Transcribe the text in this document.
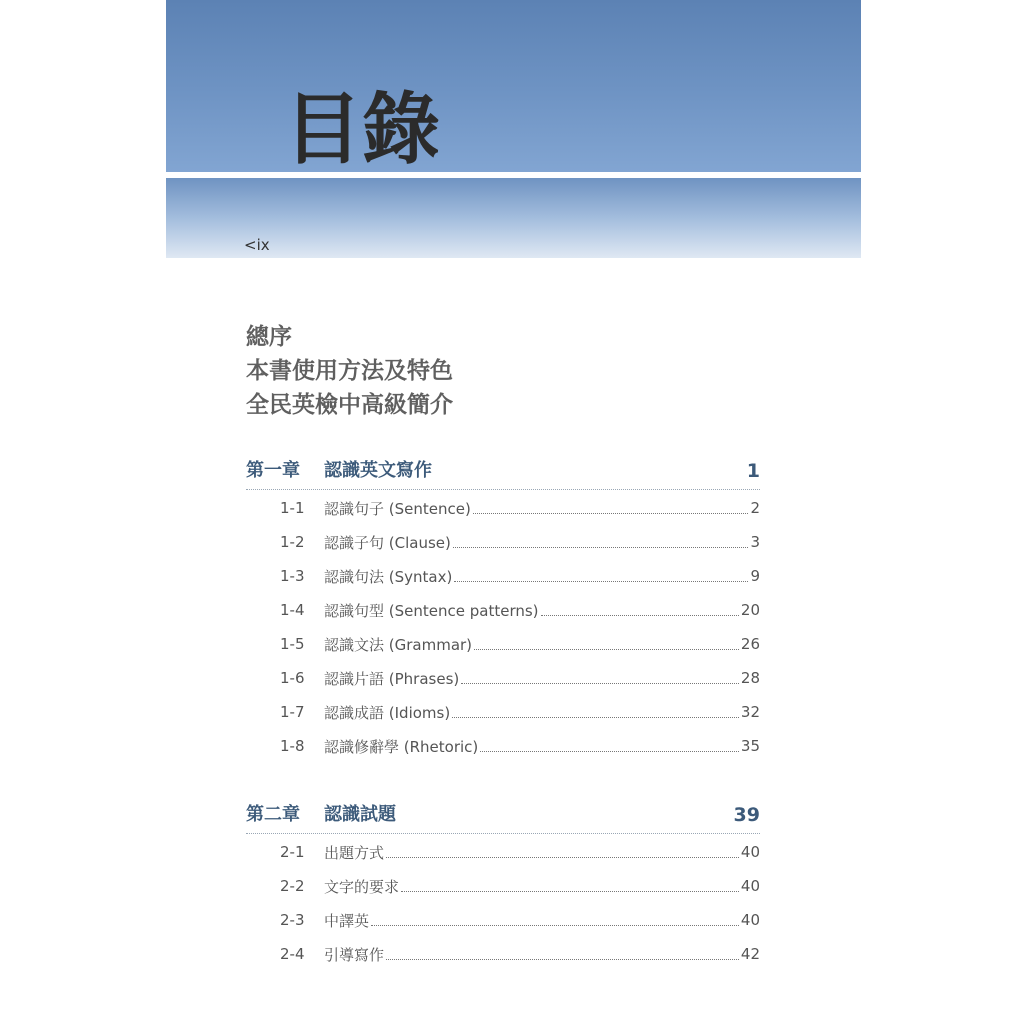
目錄
<ix
總序
本書使用方法及特色
全民英檢中高級簡介
第一章 認識英文寫作	1
1-1	認識句子 (Sentence)	2
1-2	認識子句 (Clause)	3
1-3	認識句法 (Syntax)	9
1-4	認識句型 (Sentence patterns)	20
1-5	認識文法 (Grammar)	26
1-6	認識片語 (Phrases)	28
1-7	認識成語 (Idioms)	32
1-8	認識修辭學 (Rhetoric)	35
第二章 認識試題	39
2-1	出題方式	40
2-2	文字的要求	40
2-3	中譯英	40
2-4	引導寫作	42
